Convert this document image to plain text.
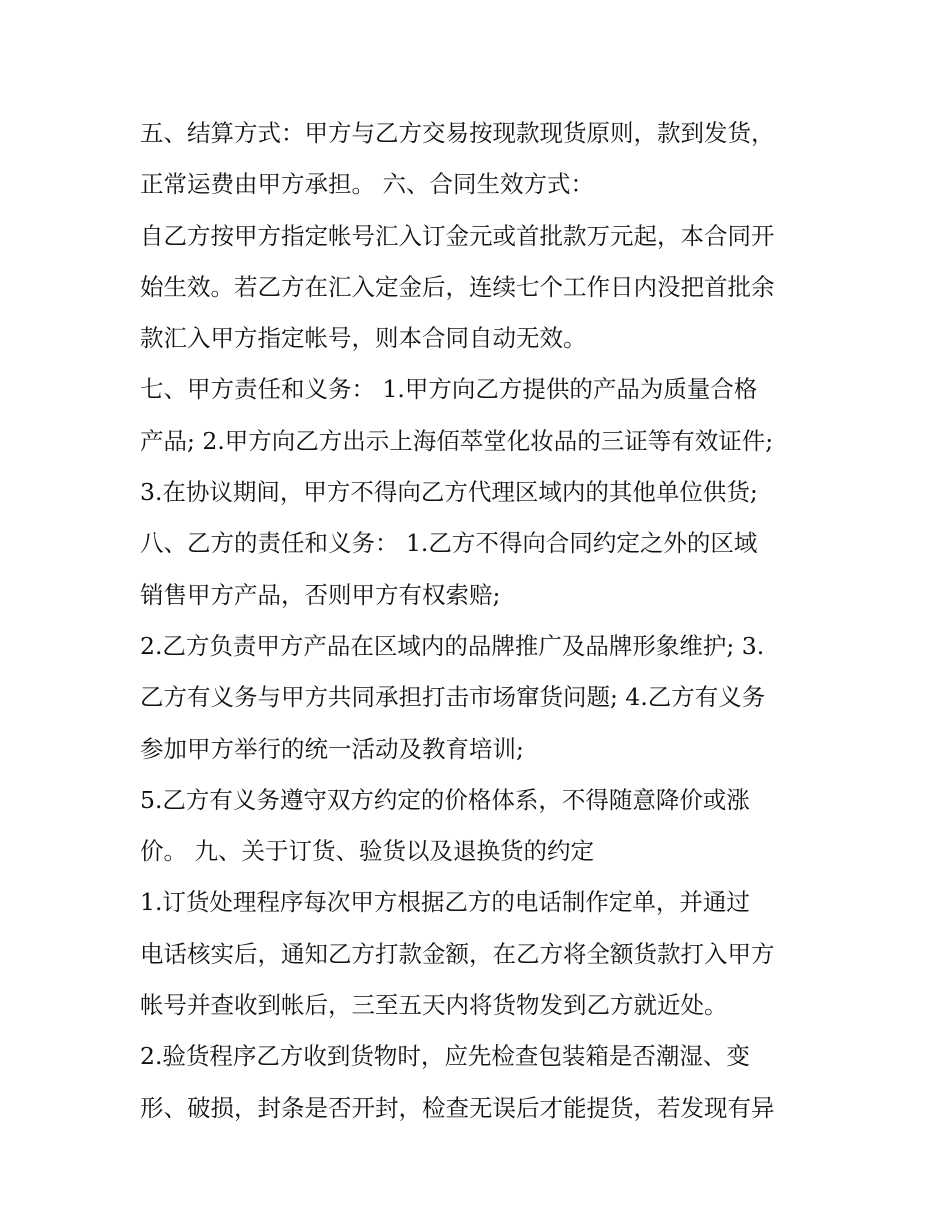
五、结算方式：甲方与乙方交易按现款现货原则，款到发货，
正常运费由甲方承担。 六、合同生效方式：
自乙方按甲方指定帐号汇入订金元或首批款万元起，本合同开
始生效。若乙方在汇入定金后，连续七个工作日内没把首批余
款汇入甲方指定帐号，则本合同自动无效。
七、甲方责任和义务： 1.甲方向乙方提供的产品为质量合格
产品; 2.甲方向乙方出示上海佰萃堂化妆品的三证等有效证件;
3.在协议期间，甲方不得向乙方代理区域内的其他单位供货;
八、乙方的责任和义务： 1.乙方不得向合同约定之外的区域
销售甲方产品，否则甲方有权索赔;
2.乙方负责甲方产品在区域内的品牌推广及品牌形象维护; 3.
乙方有义务与甲方共同承担打击市场窜货问题; 4.乙方有义务
参加甲方举行的统一活动及教育培训;
5.乙方有义务遵守双方约定的价格体系，不得随意降价或涨
价。 九、关于订货、验货以及退换货的约定
1.订货处理程序每次甲方根据乙方的电话制作定单，并通过
电话核实后，通知乙方打款金额，在乙方将全额货款打入甲方
帐号并查收到帐后，三至五天内将货物发到乙方就近处。
2.验货程序乙方收到货物时，应先检查包装箱是否潮湿、变
形、破损，封条是否开封，检查无误后才能提货，若发现有异
